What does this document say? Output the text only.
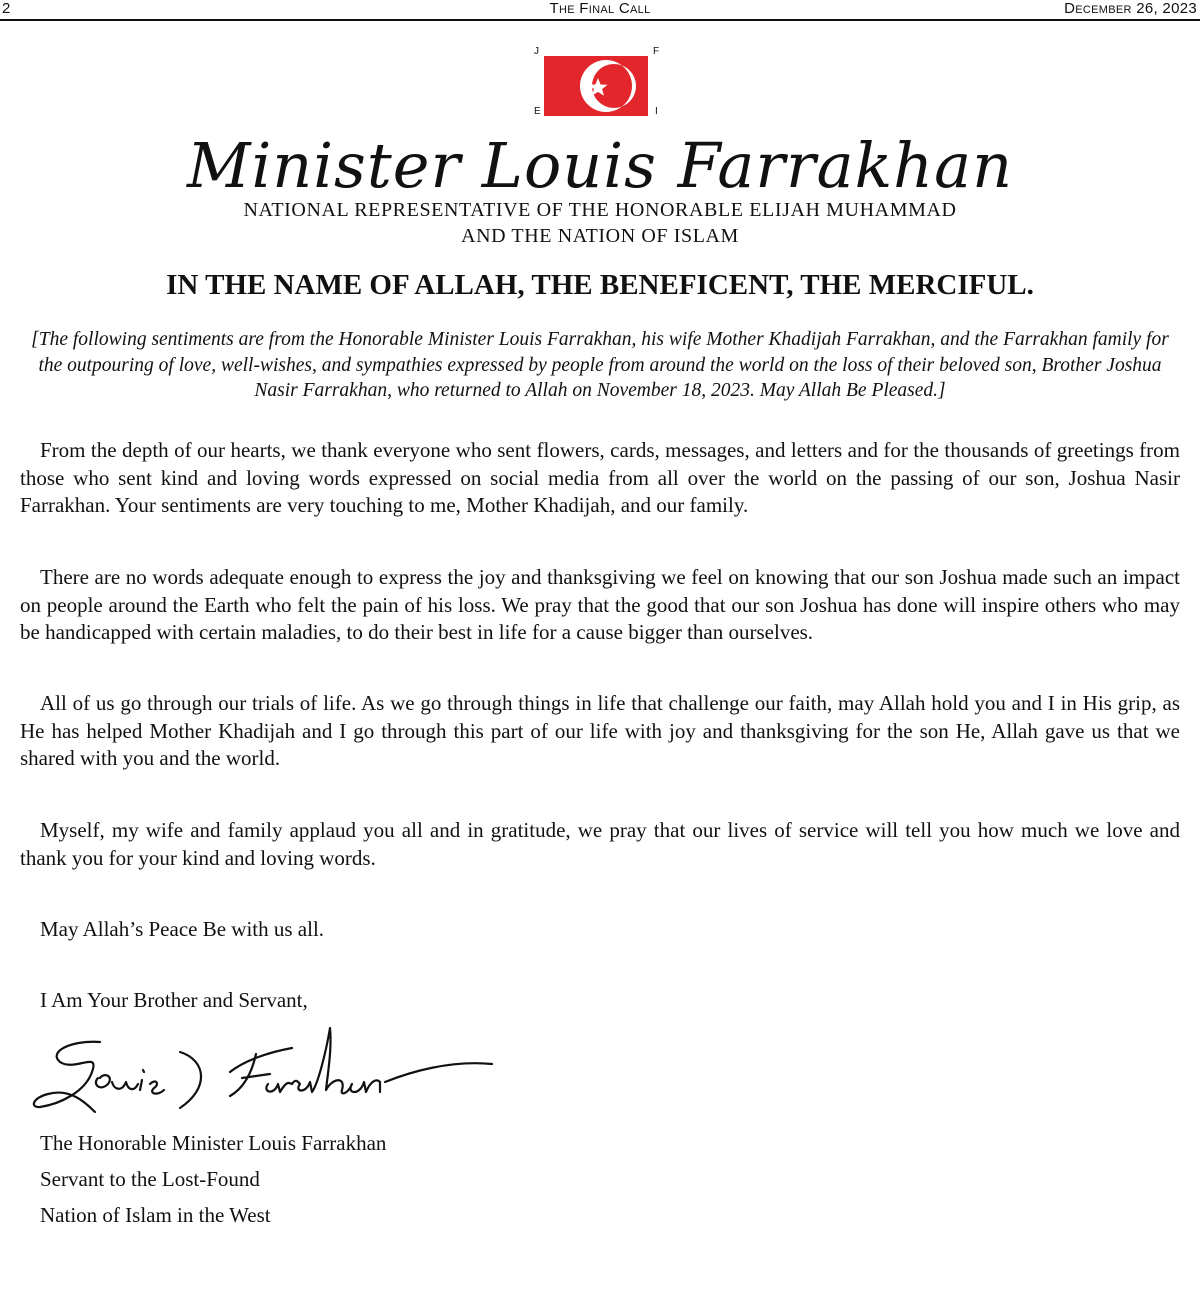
2	The Final Call	December 26, 2023
J	F
E	I
Minister Louis Farrakhan
NATIONAL REPRESENTATIVE OF THE HONORABLE ELIJAH MUHAMMAD
AND THE NATION OF ISLAM
IN THE NAME OF ALLAH, THE BENEFICENT, THE MERCIFUL.
[The following sentiments are from the Honorable Minister Louis Farrakhan, his wife Mother Khadijah Farrakhan, and the Farrakhan family for the outpouring of love, well-wishes, and sympathies expressed by people from around the world on the loss of their beloved son, Brother Joshua Nasir Farrakhan, who returned to Allah on November 18, 2023. May Allah Be Pleased.]
From the depth of our hearts, we thank everyone who sent flowers, cards, messages, and letters and for the thousands of greetings from those who sent kind and loving words expressed on social media from all over the world on the passing of our son, Joshua Nasir Farrakhan. Your sentiments are very touching to me, Mother Khadijah, and our family.
There are no words adequate enough to express the joy and thanksgiving we feel on knowing that our son Joshua made such an impact on people around the Earth who felt the pain of his loss. We pray that the good that our son Joshua has done will inspire others who may be handicapped with certain maladies, to do their best in life for a cause bigger than ourselves.
All of us go through our trials of life. As we go through things in life that challenge our faith, may Allah hold you and I in His grip, as He has helped Mother Khadijah and I go through this part of our life with joy and thanksgiving for the son He, Allah gave us that we shared with you and the world.
Myself, my wife and family applaud you all and in gratitude, we pray that our lives of service will tell you how much we love and thank you for your kind and loving words.
May Allah’s Peace Be with us all.
I Am Your Brother and Servant,
The Honorable Minister Louis Farrakhan
Servant to the Lost-Found
Nation of Islam in the West
